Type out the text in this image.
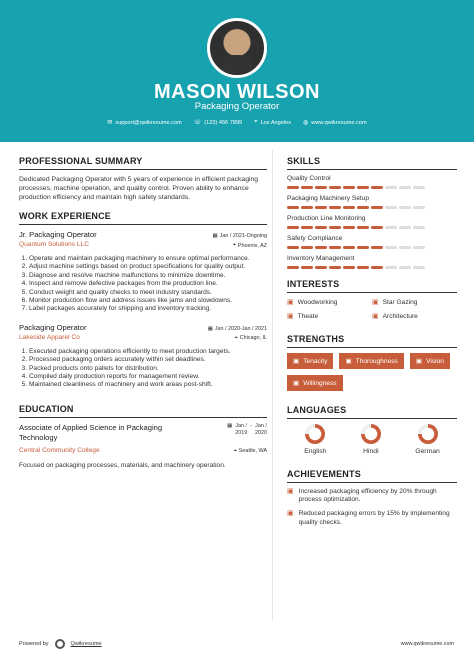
MASON WILSON
Packaging Operator
✉ support@qwikresume.com ☏ (123) 456 7899 ⌖ Los Angeles ◍ www.qwikresume.com
PROFESSIONAL SUMMARY
Dedicated Packaging Operator with 5 years of experience in efficient packaging processes, machine operation, and quality control. Proven ability to enhance production efficiency and maintain high safety standards.
WORK EXPERIENCE
Jr. Packaging Operator	▦ Jan / 2021-Ongoing
Quantum Solutions LLC	⌖ Phoenix, AZ
1. Operate and maintain packaging machinery to ensure optimal performance.
2. Adjust machine settings based on product specifications for quality output.
3. Diagnose and resolve machine malfunctions to minimize downtime.
4. Inspect and remove defective packages from the production line.
5. Conduct weight and quality checks to meet industry standards.
6. Monitor production flow and address issues like jams and slowdowns.
7. Label packages accurately for shipping and inventory tracking.
Packaging Operator	▦ Jan / 2020-Jan / 2021
Lakeside Apparel Co	⌖ Chicago, IL
1. Executed packaging operations efficiently to meet production targets.
2. Processed packaging orders accurately within set deadlines.
3. Packed products onto pallets for distribution.
4. Compiled daily production reports for management review.
5. Maintained cleanliness of machinery and work areas post-shift.
EDUCATION
Associate of Applied Science in Packaging Technology
▦ Jan /
2019
- Jan /
2020
Central Community College	⌖ Seattle, WA
Focused on packaging processes, materials, and machinery operation.
SKILLS
Quality Control
Packaging Machinery Setup
Production Line Monitoring
Safety Compliance
Inventory Management
INTERESTS
▣ Woodworking	▣ Star Gazing
▣ Theate	▣ Architecture
STRENGTHS
▣ Tenacity	▣ Thoroughness	▣ Vision
▣ Willingness
LANGUAGES
English	Hindi	German
ACHIEVEMENTS
▣ Increased packaging efficiency by 20% through process optimization.
▣ Reduced packaging errors by 15% by implementing quality checks.
Powered by	Qwikresume	www.qwikresume.com
